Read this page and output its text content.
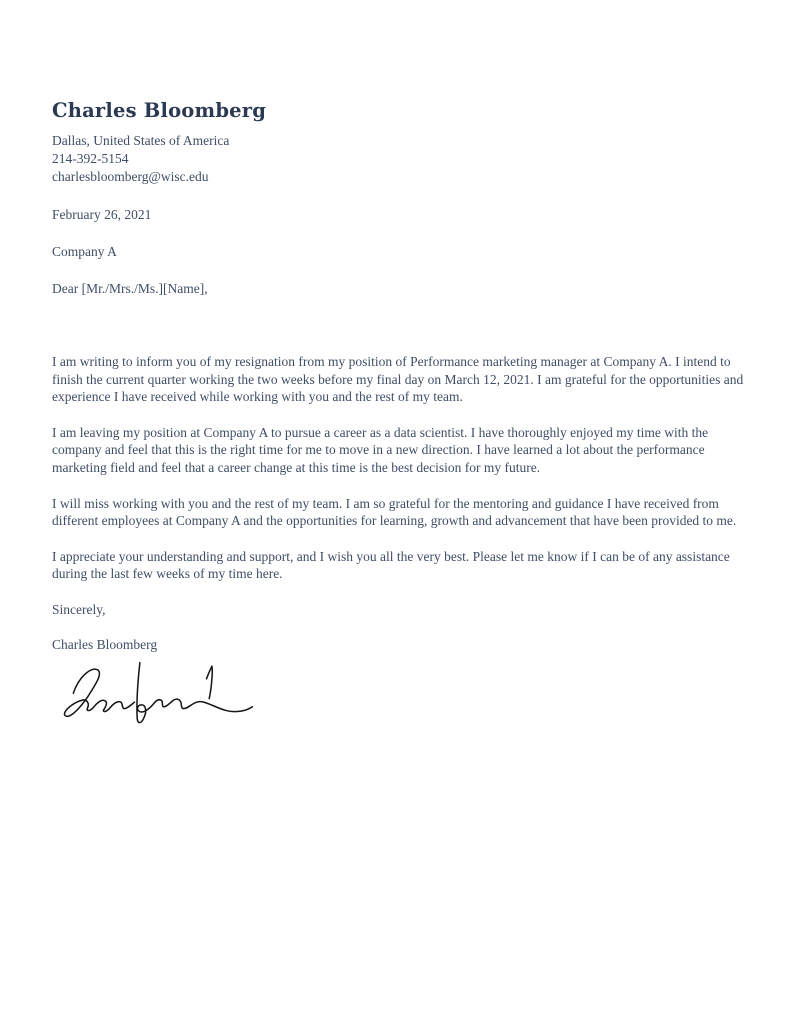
Charles Bloomberg

Dallas, United States of America

214-392-5154

charlesbloomberg@wisc.edu

February 26, 2021

Company A

Dear [Mr./Mrs./Ms.][Name],

I am writing to inform you of my resignation from my position of Performance marketing manager at Company A. I intend to finish the current quarter working the two weeks before my final day on March 12, 2021. I am grateful for the opportunities and experience I have received while working with you and the rest of my team.

I am leaving my position at Company A to pursue a career as a data scientist. I have thoroughly enjoyed my time with the company and feel that this is the right time for me to move in a new direction. I have learned a lot about the performance marketing field and feel that a career change at this time is the best decision for my future.

I will miss working with you and the rest of my team. I am so grateful for the mentoring and guidance I have received from different employees at Company A and the opportunities for learning, growth and advancement that have been provided to me.

I appreciate your understanding and support, and I wish you all the very best. Please let me know if I can be of any assistance during the last few weeks of my time here.

Sincerely,

Charles Bloomberg
